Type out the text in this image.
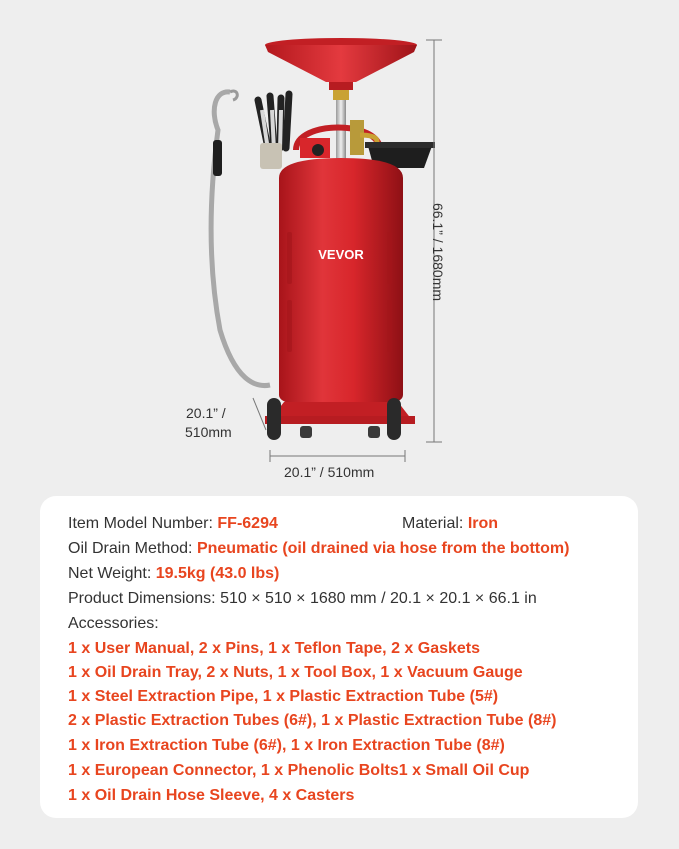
VEVOR	66.1” / 1680mm
20.1” / 510mm
20.1” /
510mm
Item Model Number: FF-6294	Material: Iron
Oil Drain Method: Pneumatic (oil drained via hose from the bottom)
Net Weight: 19.5kg (43.0 lbs)
Product Dimensions: 510 × 510 × 1680 mm / 20.1 × 20.1 × 66.1 in
Accessories:
1 x User Manual, 2 x Pins, 1 x Teflon Tape, 2 x Gaskets
1 x Oil Drain Tray, 2 x Nuts, 1 x Tool Box, 1 x Vacuum Gauge
1 x Steel Extraction Pipe, 1 x Plastic Extraction Tube (5#)
2 x Plastic Extraction Tubes (6#), 1 x Plastic Extraction Tube (8#)
1 x Iron Extraction Tube (6#), 1 x Iron Extraction Tube (8#)
1 x European Connector, 1 x Phenolic Bolts1 x Small Oil Cup
1 x Oil Drain Hose Sleeve, 4 x Casters
